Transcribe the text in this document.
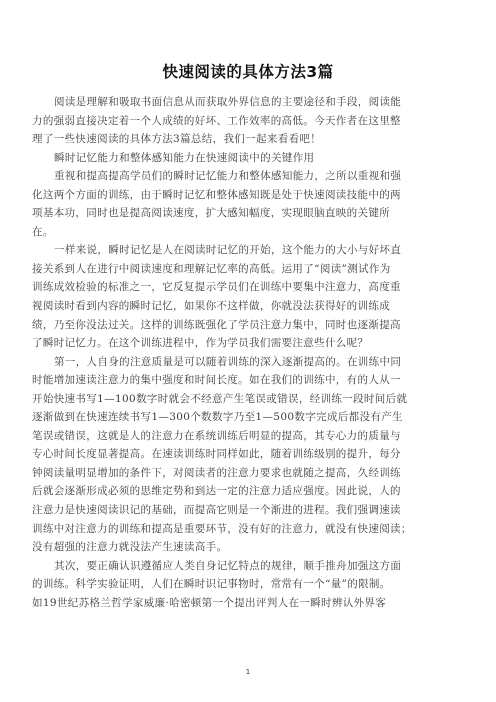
快速阅读的具体方法3篇
阅读是理解和吸取书面信息从而获取外界信息的主要途径和手段，阅读能
力的强弱直接决定着一个人成绩的好坏、工作效率的高低。今天作者在这里整
理了一些快速阅读的具体方法3篇总结，我们一起来看看吧！
瞬时记忆能力和整体感知能力在快速阅读中的关键作用
重视和提高提高学员们的瞬时记忆能力和整体感知能力，之所以重视和强
化这两个方面的训练，由于瞬时记忆和整体感知既是处于快速阅读技能中的两
项基本功，同时也是提高阅读速度，扩大感知幅度，实现眼脑直映的关键所
在。
一样来说，瞬时记忆是人在阅读时记忆的开始，这个能力的大小与好坏直
接关系到人在进行中阅读速度和理解记忆率的高低。运用了“阅读”测试作为
训练成效检验的标准之一，它反复提示学员们在训练中要集中注意力，高度重
视阅读时看到内容的瞬时记忆，如果你不这样做，你就没法获得好的训练成
绩，乃至你没法过关。这样的训练既强化了学员注意力集中，同时也逐渐提高
了瞬时记忆力。在这个训练进程中，作为学员我们需要注意些什么呢？
第一，人自身的注意质量是可以随着训练的深入逐渐提高的。在训练中同
时能增加速读注意力的集中强度和时间长度。如在我们的训练中，有的人从一
开始快速书写1—100数字时就会不经意产生笔误或错误，经训练一段时间后就
逐渐做到在快速连续书写1—300个数数字乃至1—500数字完成后都没有产生
笔误或错误，这就是人的注意力在系统训练后明显的提高，其专心力的质量与
专心时间长度显著提高。在速读训练时同样如此，随着训练级别的提升，每分
钟阅读量明显增加的条件下，对阅读者的注意力要求也就随之提高，久经训练
后就会逐渐形成必须的思维定势和到达一定的注意力适应强度。因此说，人的
注意力是快速阅读识记的基础，而提高它则是一个渐进的进程。我们强调速读
训练中对注意力的训练和提高是重要环节，没有好的注意力，就没有快速阅读；
没有超强的注意力就没法产生速读高手。
其次，要正确认识遵循应人类自身记忆特点的规律，顺手推舟加强这方面
的训练。科学实验证明，人们在瞬时识记事物时，常常有一个“量”的限制。
如19世纪苏格兰哲学家威廉·哈密顿第一个提出评判人在一瞬时辨认外界客
1
